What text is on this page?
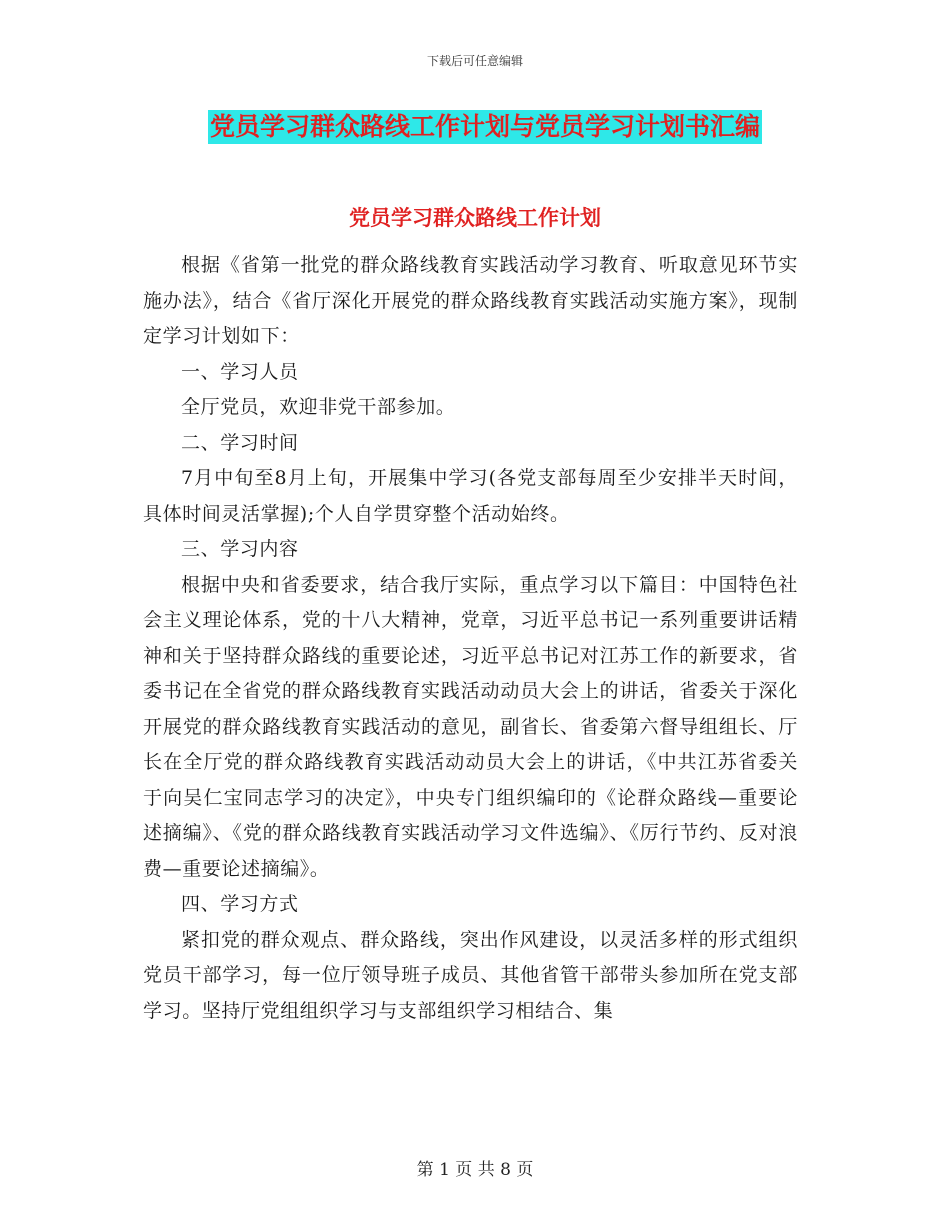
下载后可任意编辑
党员学习群众路线工作计划与党员学习计划书汇编
党员学习群众路线工作计划

根据《省第一批党的群众路线教育实践活动学习教育、听取意见环节实施办法》，结合《省厅深化开展党的群众路线教育实践活动实施方案》，现制定学习计划如下：

一、学习人员

全厅党员，欢迎非党干部参加。

二、学习时间

7月中旬至8月上旬，开展集中学习(各党支部每周至少安排半天时间，具体时间灵活掌握);个人自学贯穿整个活动始终。

三、学习内容

根据中央和省委要求，结合我厅实际，重点学习以下篇目：中国特色社会主义理论体系，党的十八大精神，党章，习近平总书记一系列重要讲话精神和关于坚持群众路线的重要论述，习近平总书记对江苏工作的新要求，省委书记在全省党的群众路线教育实践活动动员大会上的讲话，省委关于深化开展党的群众路线教育实践活动的意见，副省长、省委第六督导组组长、厅长在全厅党的群众路线教育实践活动动员大会上的讲话，《中共江苏省委关于向吴仁宝同志学习的决定》，中央专门组织编印的《论群众路线—重要论述摘编》、《党的群众路线教育实践活动学习文件选编》、《厉行节约、反对浪费—重要论述摘编》。

四、学习方式

紧扣党的群众观点、群众路线，突出作风建设，以灵活多样的形式组织党员干部学习，每一位厅领导班子成员、其他省管干部带头参加所在党支部学习。坚持厅党组组织学习与支部组织学习相结合、集

第 1 页 共 8 页
